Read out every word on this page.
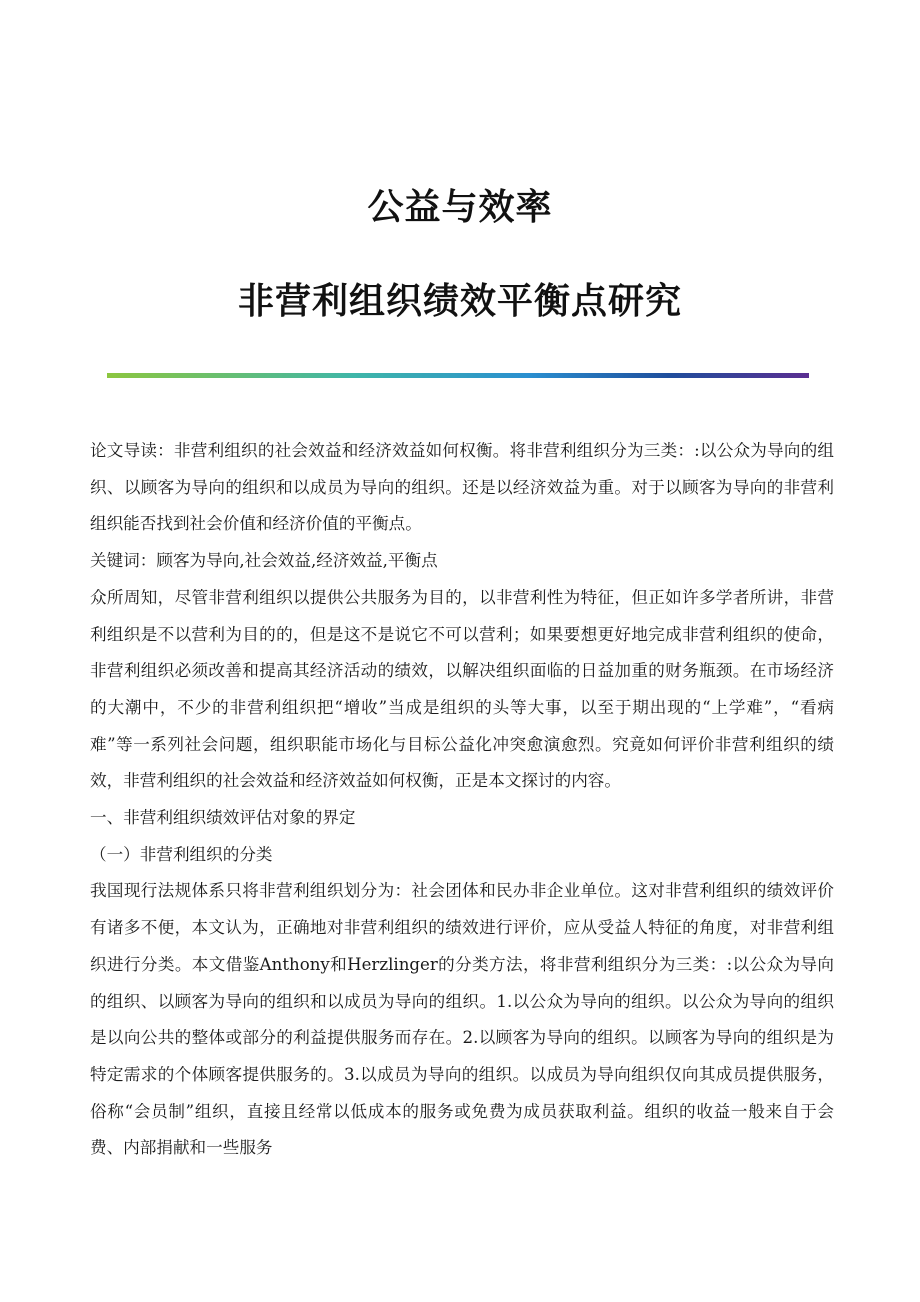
公益与效率
非营利组织绩效平衡点研究

论文导读：非营利组织的社会效益和经济效益如何权衡。将非营利组织分为三类：:以公众为导向的组织、以顾客为导向的组织和以成员为导向的组织。还是以经济效益为重。对于以顾客为导向的非营利组织能否找到社会价值和经济价值的平衡点。

关键词：顾客为导向,社会效益,经济效益,平衡点

众所周知，尽管非营利组织以提供公共服务为目的，以非营利性为特征，但正如许多学者所讲，非营利组织是不以营利为目的的，但是这不是说它不可以营利；如果要想更好地完成非营利组织的使命，非营利组织必须改善和提高其经济活动的绩效，以解决组织面临的日益加重的财务瓶颈。在市场经济的大潮中，不少的非营利组织把“增收”当成是组织的头等大事，以至于期出现的“上学难”，“看病难”等一系列社会问题，组织职能市场化与目标公益化冲突愈演愈烈。究竟如何评价非营利组织的绩效，非营利组织的社会效益和经济效益如何权衡，正是本文探讨的内容。

一、非营利组织绩效评估对象的界定

（一）非营利组织的分类

我国现行法规体系只将非营利组织划分为：社会团体和民办非企业单位。这对非营利组织的绩效评价有诸多不便，本文认为，正确地对非营利组织的绩效进行评价，应从受益人特征的角度，对非营利组织进行分类。本文借鉴Anthony和Herzlinger的分类方法，将非营利组织分为三类：:以公众为导向的组织、以顾客为导向的组织和以成员为导向的组织。1.以公众为导向的组织。以公众为导向的组织是以向公共的整体或部分的利益提供服务而存在。2.以顾客为导向的组织。以顾客为导向的组织是为特定需求的个体顾客提供服务的。3.以成员为导向的组织。以成员为导向组织仅向其成员提供服务，俗称“会员制”组织，直接且经常以低成本的服务或免费为成员获取利益。组织的收益一般来自于会费、内部捐献和一些服务
